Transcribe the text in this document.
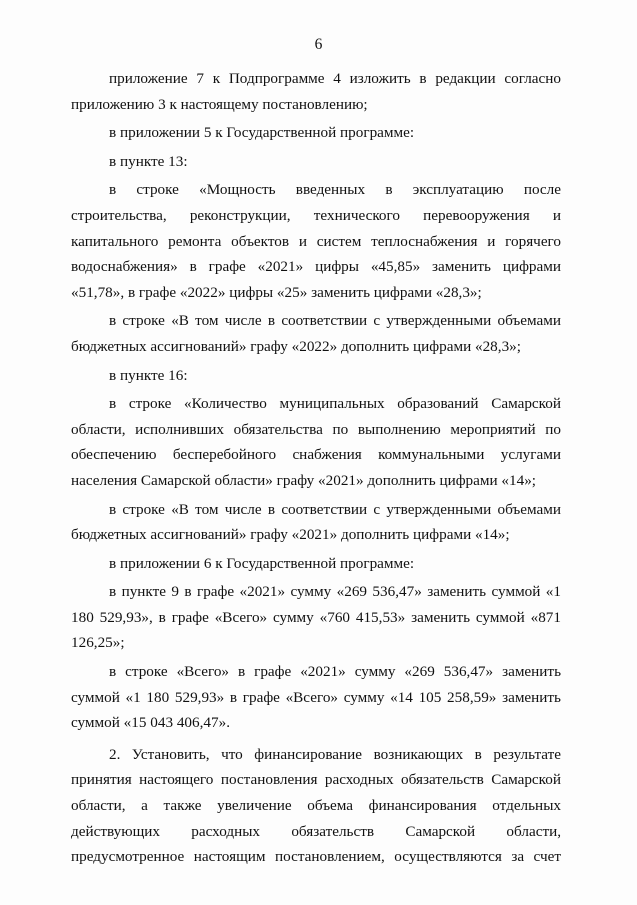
6

приложение 7 к Подпрограмме 4 изложить в редакции согласно приложению 3 к настоящему постановлению;

в приложении 5 к Государственной программе:

в пункте 13:

в строке «Мощность введенных в эксплуатацию после строительства, реконструкции, технического перевооружения и капитального ремонта объектов и систем теплоснабжения и горячего водоснабжения» в графе «2021» цифры «45,85» заменить цифрами «51,78», в графе «2022» цифры «25» заменить цифрами «28,3»;

в строке «В том числе в соответствии с утвержденными объемами бюджетных ассигнований» графу «2022» дополнить цифрами «28,3»;

в пункте 16:

в строке «Количество муниципальных образований Самарской области, исполнивших обязательства по выполнению мероприятий по обеспечению бесперебойного снабжения коммунальными услугами населения Самарской области» графу «2021» дополнить цифрами «14»;

в строке «В том числе в соответствии с утвержденными объемами бюджетных ассигнований» графу «2021» дополнить цифрами «14»;

в приложении 6 к Государственной программе:

в пункте 9 в графе «2021» сумму «269 536,47» заменить суммой «1 180 529,93», в графе «Всего» сумму «760 415,53» заменить суммой «871 126,25»;

в строке «Всего» в графе «2021» сумму «269 536,47» заменить суммой «1 180 529,93» в графе «Всего» сумму «14 105 258,59» заменить суммой «15 043 406,47».

2. Установить, что финансирование возникающих в результате принятия настоящего постановления расходных обязательств Самарской области, а также увеличение объема финансирования отдельных действующих расходных обязательств Самарской области, предусмотренное настоящим постановлением, осуществляются за счет
